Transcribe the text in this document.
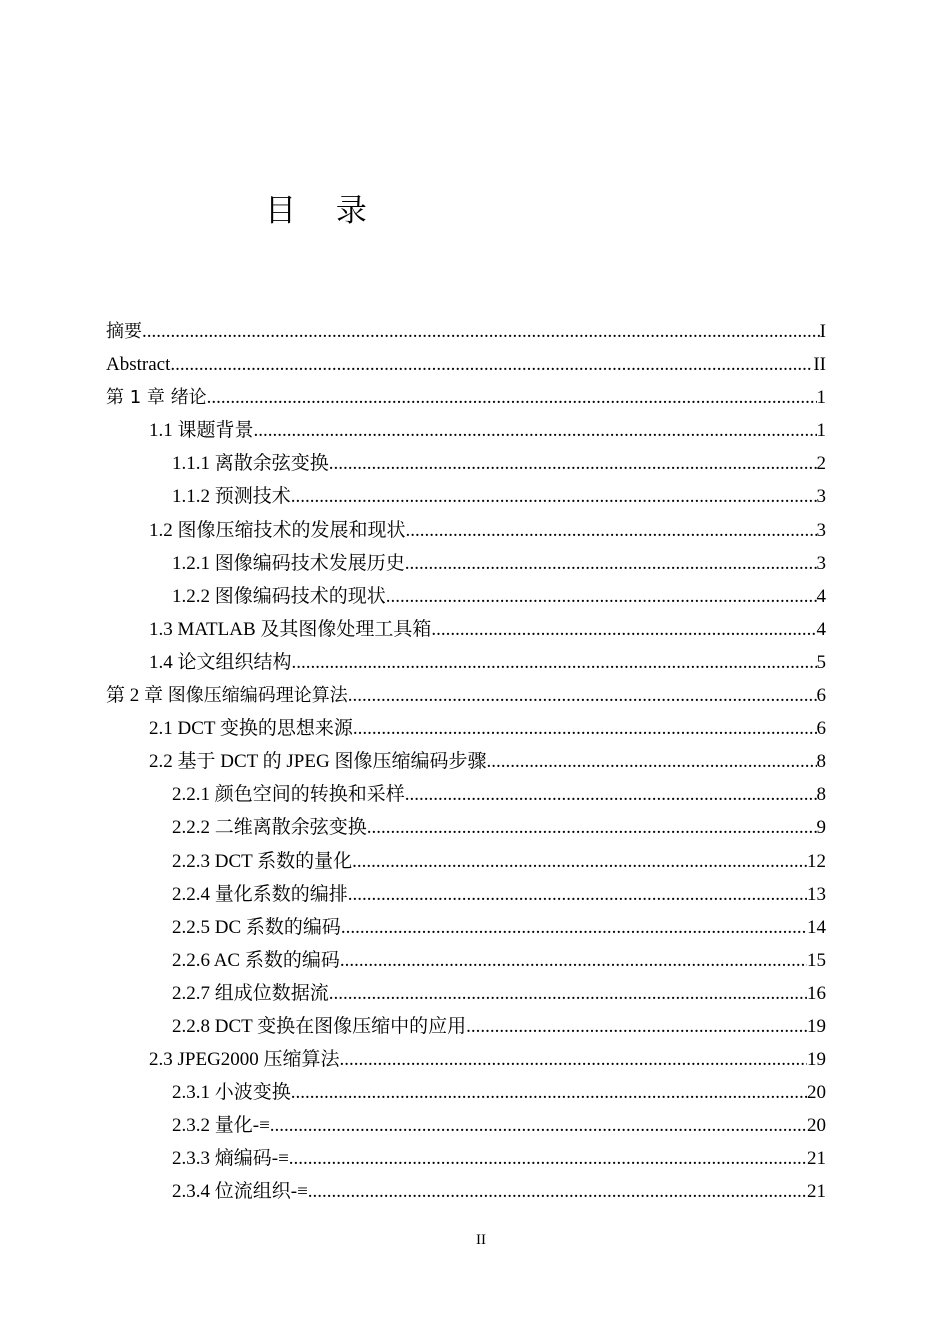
目 录
摘要 .....	I
Abstract .....	II
第 1 章 绪论 .....	1
1.1 课题背景 .....	1
1.1.1 离散余弦变换 .....	2
1.1.2 预测技术 .....	3
1.2 图像压缩技术的发展和现状 .....	3
1.2.1 图像编码技术发展历史 .....	3
1.2.2 图像编码技术的现状 .....	4
1.3 MATLAB 及其图像处理工具箱 .....	4
1.4 论文组织结构 .....	5
第 2 章 图像压缩编码理论算法 .....	6
2.1 DCT 变换的思想来源 .....	6
2.2 基于 DCT 的 JPEG 图像压缩编码步骤 .....	8
2.2.1 颜色空间的转换和采样 .....	8
2.2.2 二维离散余弦变换 .....	9
2.2.3 DCT 系数的量化 .....	12
2.2.4 量化系数的编排 .....	13
2.2.5 DC 系数的编码 .....	14
2.2.6 AC 系数的编码 .....	15
2.2.7 组成位数据流 .....	16
2.2.8 DCT 变换在图像压缩中的应用 .....	19
2.3 JPEG2000 压缩算法 .....	19
2.3.1 小波变换 .....	20
2.3.2 量化-≡ .....	20
2.3.3 熵编码-≡ .....	21
2.3.4 位流组织-≡ .....	21
II
